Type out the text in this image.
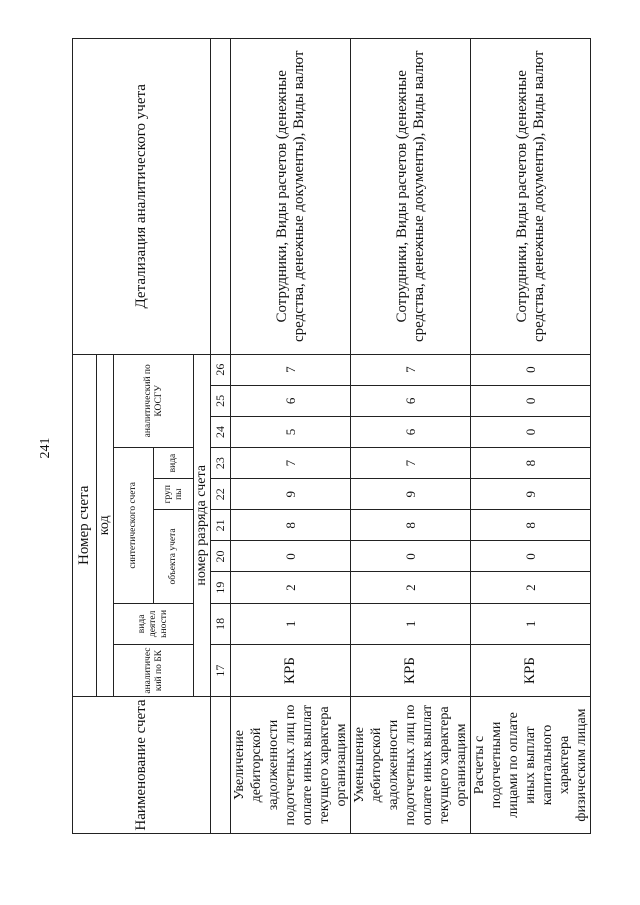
241
Наименование счета	Номер счета										Детализация аналитического учета
	код										
	аналитичес кий по БК	вида деятел ьности	синтетического счета					аналитический по КОСГУ			
			объекта учета			груп пы	вида				
	номер разряда счета										
	17	18	19	20	21	22	23	24	25	26	
Увеличение дебиторской задолженности подотчетных лиц по оплате иных выплат текущего характера организациям	КРБ	1	2	0	8	9	7	5	6	7	Сотрудники, Виды расчетов (денежные средства, денежные документы), Виды валют
Уменьшение дебиторской задолженности подотчетных лиц по оплате иных выплат текущего характера организациям	КРБ	1	2	0	8	9	7	6	6	7	Сотрудники, Виды расчетов (денежные средства, денежные документы), Виды валют
Расчеты с подотчетными лицами по оплате иных выплат капитального характера физическим лицам	КРБ	1	2	0	8	9	8	0	0	0	Сотрудники, Виды расчетов (денежные средства, денежные документы), Виды валют
